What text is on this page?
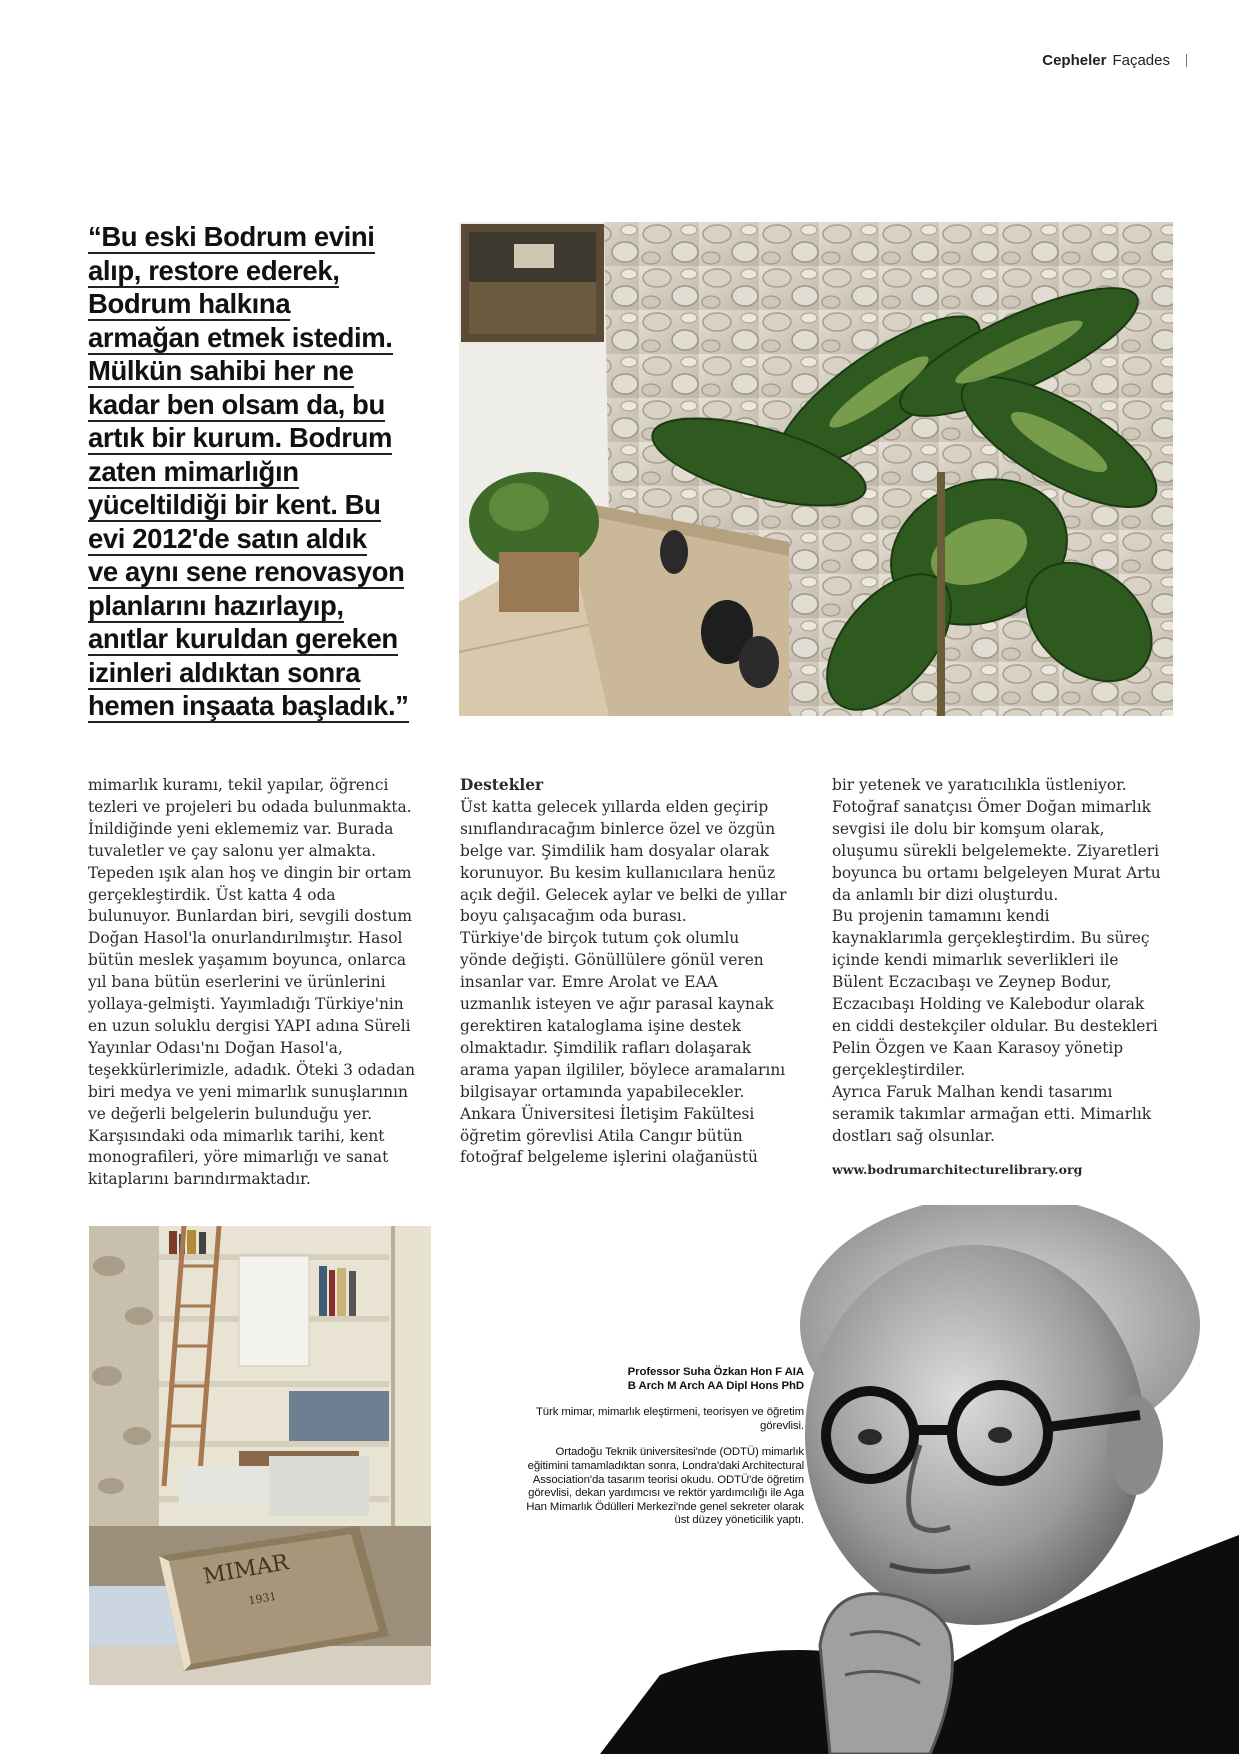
Cepheler Façades
“Bu eski Bodrum evini
alıp, restore ederek,
Bodrum halkına
armağan etmek istedim.
Mülkün sahibi her ne
kadar ben olsam da, bu
artık bir kurum. Bodrum
zaten mimarlığın
yüceltildiği bir kent. Bu
evi 2012'de satın aldık
ve aynı sene renovasyon
planlarını hazırlayıp,
anıtlar kuruldan gereken
izinleri aldıktan sonra
hemen inşaata başladık.”

mimarlık kuramı, tekil yapılar, öğrenci tezleri ve projeleri bu odada bulunmakta. İnildiğinde yeni eklememiz var. Burada tuvaletler ve çay salonu yer almakta. Tepeden ışık alan hoş ve dingin bir ortam gerçekleştirdik. Üst katta 4 oda bulunuyor. Bunlardan biri, sevgili dostum Doğan Hasol'la onurlandırılmıştır. Hasol bütün meslek yaşamım boyunca, onlarca yıl bana bütün eserlerini ve ürünlerini yollaya-gelmişti. Yayımladığı Türkiye'nin en uzun soluklu dergisi YAPI adına Süreli Yayınlar Odası'nı Doğan Hasol'a, teşekkürlerimizle, adadık. Öteki 3 odadan biri medya ve yeni mimarlık sunuşlarının ve değerli belgelerin bulunduğu yer. Karşısındaki oda mimarlık tarihi, kent monografileri, yöre mimarlığı ve sanat kitaplarını barındırmaktadır.

Destekler

Üst katta gelecek yıllarda elden geçirip sınıflandıracağım binlerce özel ve özgün belge var. Şimdilik ham dosyalar olarak korunuyor. Bu kesim kullanıcılara henüz açık değil. Gelecek aylar ve belki de yıllar boyu çalışacağım oda burası.

Türkiye'de birçok tutum çok olumlu yönde değişti. Gönüllülere gönül veren insanlar var. Emre Arolat ve EAA uzmanlık isteyen ve ağır parasal kaynak gerektiren kataloglama işine destek olmaktadır. Şimdilik rafları dolaşarak arama yapan ilgililer, böylece aramalarını bilgisayar ortamında yapabilecekler.

Ankara Üniversitesi İletişim Fakültesi öğretim görevlisi Atila Cangır bütün fotoğraf belgeleme işlerini olağanüstü

bir yetenek ve yaratıcılıkla üstleniyor. Fotoğraf sanatçısı Ömer Doğan mimarlık sevgisi ile dolu bir komşum olarak, oluşumu sürekli belgelemekte. Ziyaretleri boyunca bu ortamı belgeleyen Murat Artu da anlamlı bir dizi oluşturdu.

Bu projenin tamamını kendi kaynaklarımla gerçekleştirdim. Bu süreç içinde kendi mimarlık severlikleri ile Bülent Eczacıbaşı ve Zeynep Bodur, Eczacıbaşı Holding ve Kalebodur olarak en ciddi destekçiler oldular. Bu destekleri Pelin Özgen ve Kaan Karasoy yönetip gerçekleştirdiler.

Ayrıca Faruk Malhan kendi tasarımı seramik takımlar armağan etti. Mimarlık dostları sağ olsunlar.

www.bodrumarchitecturelibrary.org

MIMAR
1931

Professor Suha Özkan Hon F AIA
B Arch M Arch AA Dipl Hons PhD

Türk mimar, mimarlık eleştirmeni, teorisyen ve öğretim görevlisi.

Ortadoğu Teknik üniversitesi'nde (ODTÜ) mimarlık eğitimini tamamladıktan sonra, Londra'daki Architectural Association'da tasarım teorisi okudu. ODTÜ'de öğretim görevlisi, dekan yardımcısı ve rektör yardımcılığı ile Aga Han Mimarlık Ödülleri Merkezi'nde genel sekreter olarak üst düzey yöneticilik yaptı.
